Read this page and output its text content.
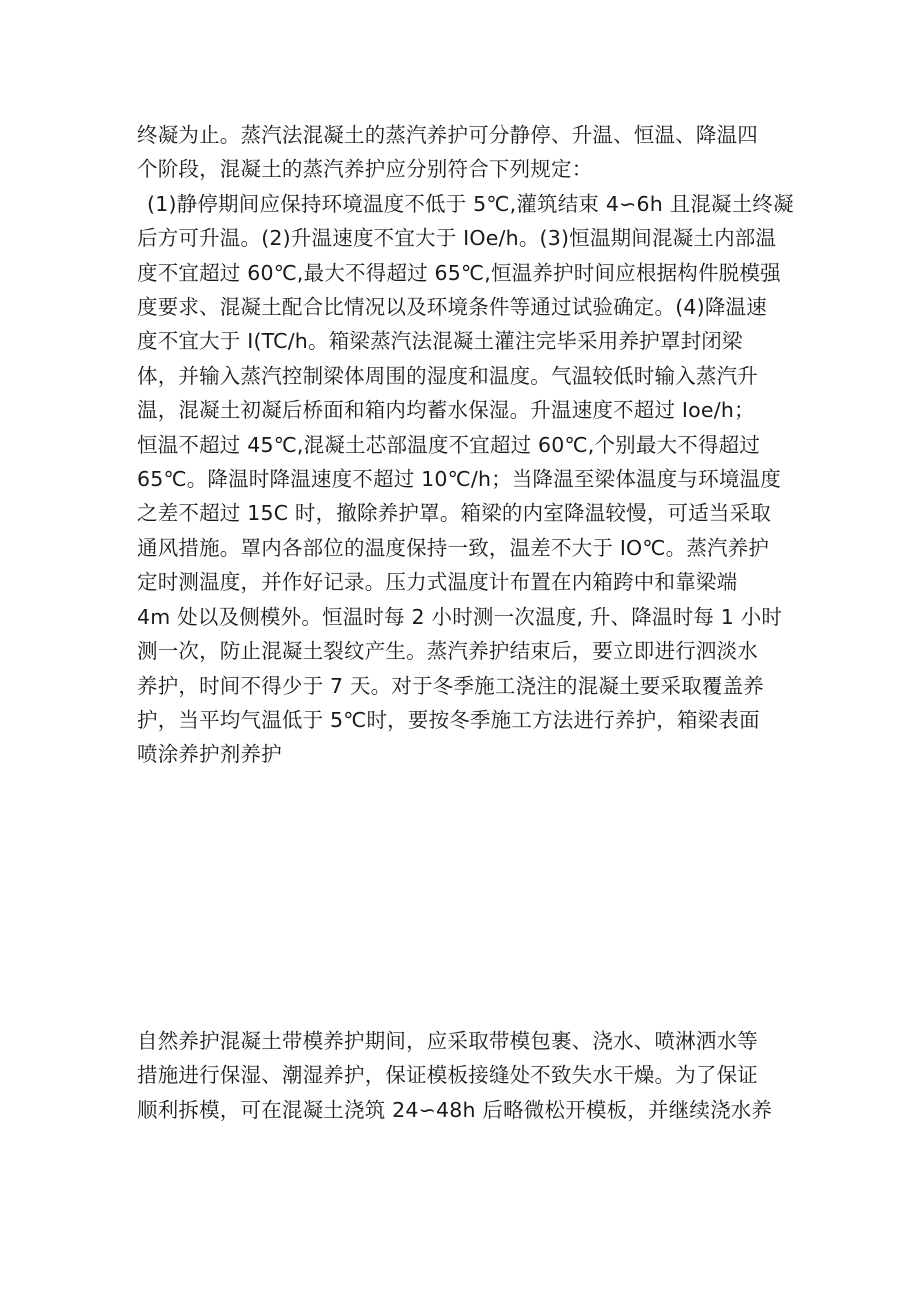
终凝为止。蒸汽法混凝土的蒸汽养护可分静停、升温、恒温、降温四
个阶段，混凝土的蒸汽养护应分别符合下列规定：
(1)静停期间应保持环境温度不低于 5℃,灌筑结束 4∽6h 且混凝土终凝
后方可升温。(2)升温速度不宜大于 IOe/h。(3)恒温期间混凝土内部温
度不宜超过 60℃,最大不得超过 65℃,恒温养护时间应根据构件脱模强
度要求、混凝土配合比情况以及环境条件等通过试验确定。(4)降温速
度不宜大于 I(TC/h。箱梁蒸汽法混凝土灌注完毕采用养护罩封闭梁
体，并输入蒸汽控制梁体周围的湿度和温度。气温较低时输入蒸汽升
温，混凝土初凝后桥面和箱内均蓄水保湿。升温速度不超过 Ioe/h；
恒温不超过 45℃,混凝土芯部温度不宜超过 60℃,个别最大不得超过
65℃。降温时降温速度不超过 10℃/h；当降温至梁体温度与环境温度
之差不超过 15C 时，撤除养护罩。箱梁的内室降温较慢，可适当采取
通风措施。罩内各部位的温度保持一致，温差不大于 IO℃。蒸汽养护
定时测温度，并作好记录。压力式温度计布置在内箱跨中和靠梁端
4m 处以及侧模外。恒温时每 2 小时测一次温度, 升、降温时每 1 小时
测一次，防止混凝土裂纹产生。蒸汽养护结束后，要立即进行泗淡水
养护，时间不得少于 7 天。对于冬季施工浇注的混凝土要采取覆盖养
护，当平均气温低于 5℃时，要按冬季施工方法进行养护，箱梁表面
喷涂养护剂养护
自然养护混凝土带模养护期间，应采取带模包裹、浇水、喷淋洒水等
措施进行保湿、潮湿养护，保证模板接缝处不致失水干燥。为了保证
顺利拆模，可在混凝土浇筑 24∽48h 后略微松开模板，并继续浇水养
